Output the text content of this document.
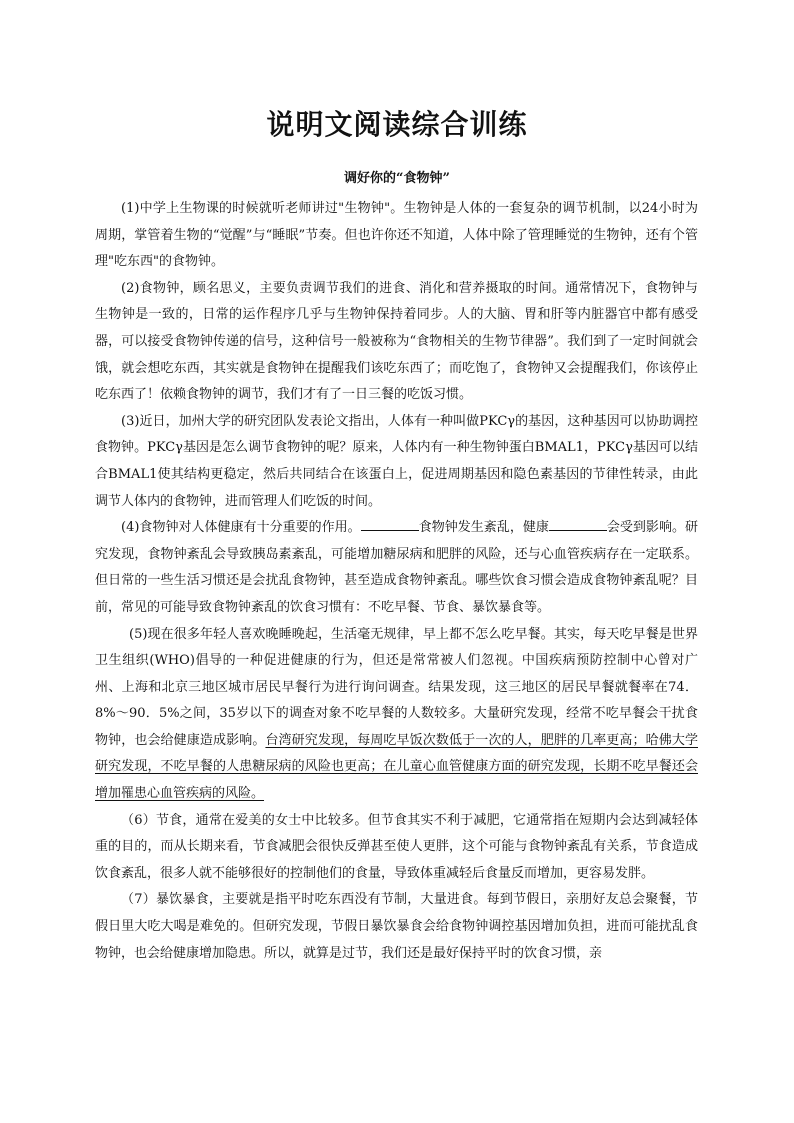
说明文阅读综合训练
调好你的“食物钟”

(1)中学上生物课的时候就听老师讲过"生物钟"。生物钟是人体的一套复杂的调节机制，以24小时为周期，掌管着生物的“觉醒”与“睡眠”节奏。但也许你还不知道，人体中除了管理睡觉的生物钟，还有个管理"吃东西"的食物钟。

(2)食物钟，顾名思义，主要负责调节我们的进食、消化和营养摄取的时间。通常情况下，食物钟与生物钟是一致的，日常的运作程序几乎与生物钟保持着同步。人的大脑、胃和肝等内脏器官中都有感受器，可以接受食物钟传递的信号，这种信号一般被称为“食物相关的生物节律器”。我们到了一定时间就会饿，就会想吃东西，其实就是食物钟在提醒我们该吃东西了；而吃饱了，食物钟又会提醒我们，你该停止吃东西了！依赖食物钟的调节，我们才有了一日三餐的吃饭习惯。

(3)近日，加州大学的研究团队发表论文指出，人体有一种叫做PKCγ的基因，这种基因可以协助调控食物钟。PKCγ基因是怎么调节食物钟的呢？原来，人体内有一种生物钟蛋白BMAL1，PKCγ基因可以结合BMAL1使其结构更稳定，然后共同结合在该蛋白上，促进周期基因和隐色素基因的节律性转录，由此调节人体内的食物钟，进而管理人们吃饭的时间。

(4)食物钟对人体健康有十分重要的作用。	食物钟发生紊乱，健康	会受到影响。研究发现，食物钟紊乱会导致胰岛素紊乱，可能增加糖尿病和肥胖的风险，还与心血管疾病存在一定联系。但日常的一些生活习惯还是会扰乱食物钟，甚至造成食物钟紊乱。哪些饮食习惯会造成食物钟紊乱呢？目前，常见的可能导致食物钟紊乱的饮食习惯有：不吃早餐、节食、暴饮暴食等。

(5)现在很多年轻人喜欢晚睡晚起，生活毫无规律，早上都不怎么吃早餐。其实，每天吃早餐是世界卫生组织(WHO)倡导的一种促进健康的行为，但还是常常被人们忽视。中国疾病预防控制中心曾对广州、上海和北京三地区城市居民早餐行为进行询问调查。结果发现，这三地区的居民早餐就餐率在74．8%～90．5%之间，35岁以下的调查对象不吃早餐的人数较多。大量研究发现，经常不吃早餐会干扰食物钟，也会给健康造成影响。台湾研究发现，每周吃早饭次数低于一次的人，肥胖的几率更高；哈佛大学研究发现，不吃早餐的人患糖尿病的风险也更高；在儿童心血管健康方面的研究发现，长期不吃早餐还会增加罹患心血管疾病的风险。

（6）节食，通常在爱美的女士中比较多。但节食其实不利于减肥，它通常指在短期内会达到减轻体重的目的，而从长期来看，节食减肥会很快反弹甚至使人更胖，这个可能与食物钟紊乱有关系，节食造成饮食紊乱，很多人就不能够很好的控制他们的食量，导致体重减轻后食量反而增加，更容易发胖。

（7）暴饮暴食，主要就是指平时吃东西没有节制，大量进食。每到节假日，亲朋好友总会聚餐，节假日里大吃大喝是难免的。但研究发现，节假日暴饮暴食会给食物钟调控基因增加负担，进而可能扰乱食物钟，也会给健康增加隐患。所以，就算是过节，我们还是最好保持平时的饮食习惯，亲
